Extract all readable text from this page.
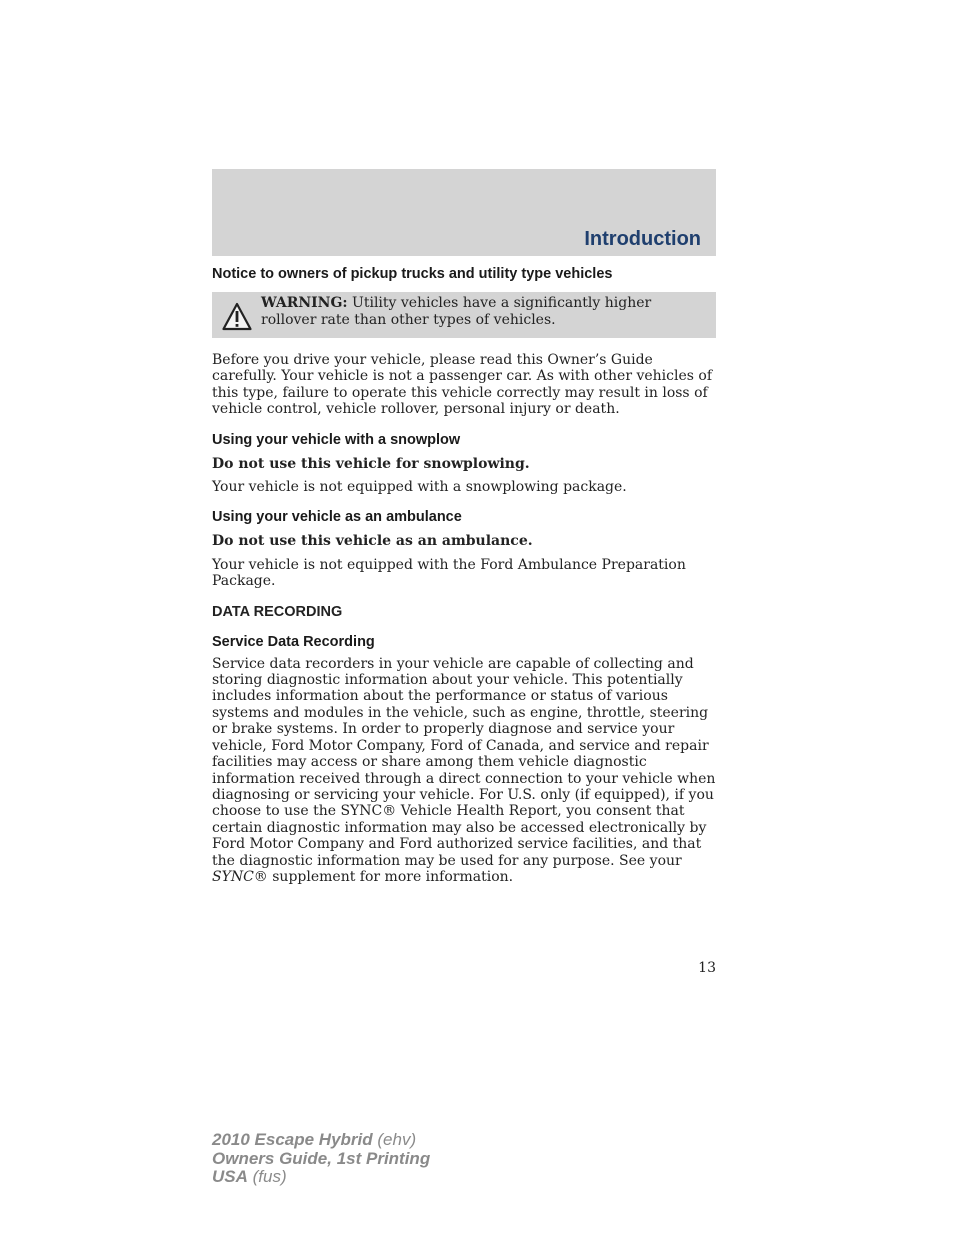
Introduction
Notice to owners of pickup trucks and utility type vehicles
WARNING: Utility vehicles have a significantly higher rollover rate than other types of vehicles.

Before you drive your vehicle, please read this Owner’s Guide carefully. Your vehicle is not a passenger car. As with other vehicles of this type, failure to operate this vehicle correctly may result in loss of vehicle control, vehicle rollover, personal injury or death.

Using your vehicle with a snowplow

Do not use this vehicle for snowplowing.

Your vehicle is not equipped with a snowplowing package.

Using your vehicle as an ambulance

Do not use this vehicle as an ambulance.

Your vehicle is not equipped with the Ford Ambulance Preparation Package.

DATA RECORDING
Service Data Recording

Service data recorders in your vehicle are capable of collecting and storing diagnostic information about your vehicle. This potentially includes information about the performance or status of various systems and modules in the vehicle, such as engine, throttle, steering or brake systems. In order to properly diagnose and service your vehicle, Ford Motor Company, Ford of Canada, and service and repair facilities may access or share among them vehicle diagnostic information received through a direct connection to your vehicle when diagnosing or servicing your vehicle. For U.S. only (if equipped), if you choose to use the SYNC® Vehicle Health Report, you consent that certain diagnostic information may also be accessed electronically by Ford Motor Company and Ford authorized service facilities, and that the diagnostic information may be used for any purpose. See your SYNC® supplement for more information.

13
2010 Escape Hybrid (ehv)
Owners Guide, 1st Printing
USA (fus)
